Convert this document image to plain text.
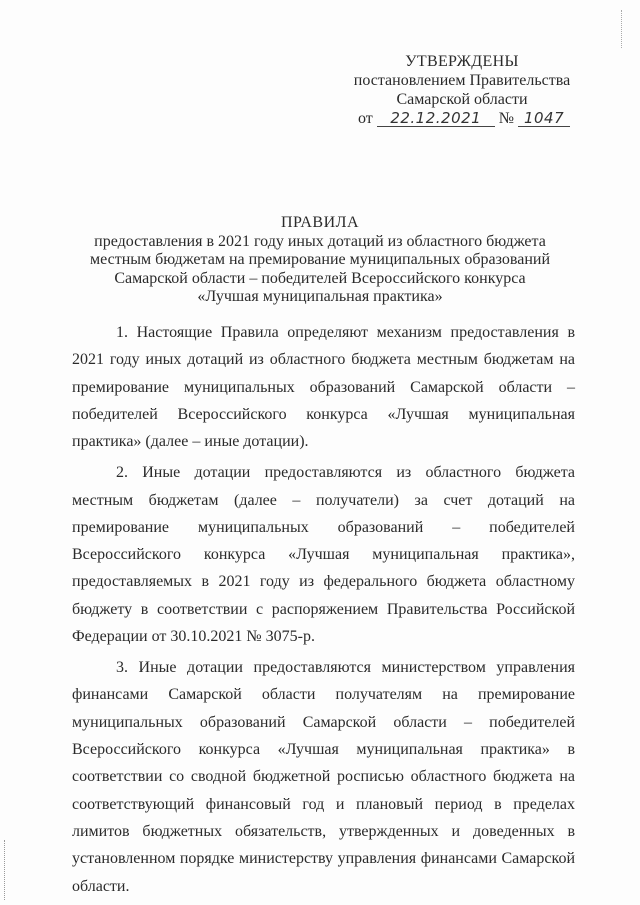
УТВЕРЖДЕНЫ
постановлением Правительства
Самарской области
от 22.12.2021 № 1047
ПРАВИЛА
предоставления в 2021 году иных дотаций из областного бюджета
местным бюджетам на премирование муниципальных образований
Самарской области – победителей Всероссийского конкурса
«Лучшая муниципальная практика»

1. Настоящие Правила определяют механизм предоставления в 2021 году иных дотаций из областного бюджета местным бюджетам на премирование муниципальных образований Самарской области – победителей Всероссийского конкурса «Лучшая муниципальная практика» (далее – иные дотации).

2. Иные дотации предоставляются из областного бюджета местным бюджетам (далее – получатели) за счет дотаций на премирование муниципальных образований – победителей Всероссийского конкурса «Лучшая муниципальная практика», предоставляемых в 2021 году из федерального бюджета областному бюджету в соответствии с распоряжением Правительства Российской Федерации от 30.10.2021 № 3075-р.

3. Иные дотации предоставляются министерством управления финансами Самарской области получателям на премирование муниципальных образований Самарской области – победителей Всероссийского конкурса «Лучшая муниципальная практика» в соответствии со сводной бюджетной росписью областного бюджета на соответствующий финансовый год и плановый период в пределах лимитов бюджетных обязательств, утвержденных и доведенных в установленном порядке министерству управления финансами Самарской области.
